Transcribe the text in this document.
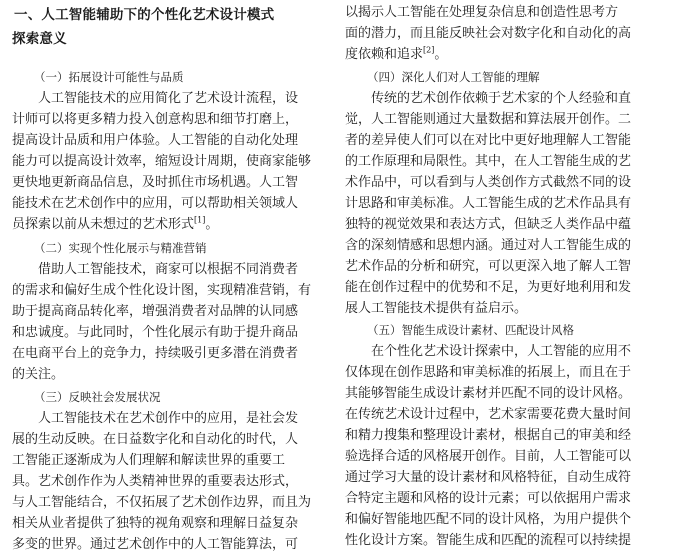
一、人工智能辅助下的个性化艺术设计模式
探索意义
（一）拓展设计可能性与品质
人工智能技术的应用简化了艺术设计流程，设
计师可以将更多精力投入创意构思和细节打磨上，
提高设计品质和用户体验。人工智能的自动化处理
能力可以提高设计效率，缩短设计周期，使商家能够
更快地更新商品信息，及时抓住市场机遇。人工智
能技术在艺术创作中的应用，可以帮助相关领域人
员探索以前从未想过的艺术形式[1]。
（二）实现个性化展示与精准营销
借助人工智能技术，商家可以根据不同消费者
的需求和偏好生成个性化设计图，实现精准营销，有
助于提高商品转化率，增强消费者对品牌的认同感
和忠诚度。与此同时，个性化展示有助于提升商品
在电商平台上的竞争力，持续吸引更多潜在消费者
的关注。
（三）反映社会发展状况
人工智能技术在艺术创作中的应用，是社会发
展的生动反映。在日益数字化和自动化的时代，人
工智能正逐渐成为人们理解和解读世界的重要工
具。艺术创作作为人类精神世界的重要表达形式，
与人工智能结合，不仅拓展了艺术创作边界，而且为
相关从业者提供了独特的视角观察和理解日益复杂
多变的世界。通过艺术创作中的人工智能算法，可
以揭示人工智能在处理复杂信息和创造性思考方
面的潜力，而且能反映社会对数字化和自动化的高
度依赖和追求[2]。
（四）深化人们对人工智能的理解
传统的艺术创作依赖于艺术家的个人经验和直
觉，人工智能则通过大量数据和算法展开创作。二
者的差异使人们可以在对比中更好地理解人工智能
的工作原理和局限性。其中，在人工智能生成的艺
术作品中，可以看到与人类创作方式截然不同的设
计思路和审美标准。人工智能生成的艺术作品具有
独特的视觉效果和表达方式，但缺乏人类作品中蕴
含的深刻情感和思想内涵。通过对人工智能生成的
艺术作品的分析和研究，可以更深入地了解人工智
能在创作过程中的优势和不足，为更好地利用和发
展人工智能技术提供有益启示。
（五）智能生成设计素材、匹配设计风格
在个性化艺术设计探索中，人工智能的应用不
仅体现在创作思路和审美标准的拓展上，而且在于
其能够智能生成设计素材并匹配不同的设计风格。
在传统艺术设计过程中，艺术家需要花费大量时间
和精力搜集和整理设计素材，根据自己的审美和经
验选择合适的风格展开创作。目前，人工智能可以
通过学习大量的设计素材和风格特征，自动生成符
合特定主题和风格的设计元素；可以依据用户需求
和偏好智能地匹配不同的设计风格，为用户提供个
性化设计方案。智能生成和匹配的流程可以持续提
